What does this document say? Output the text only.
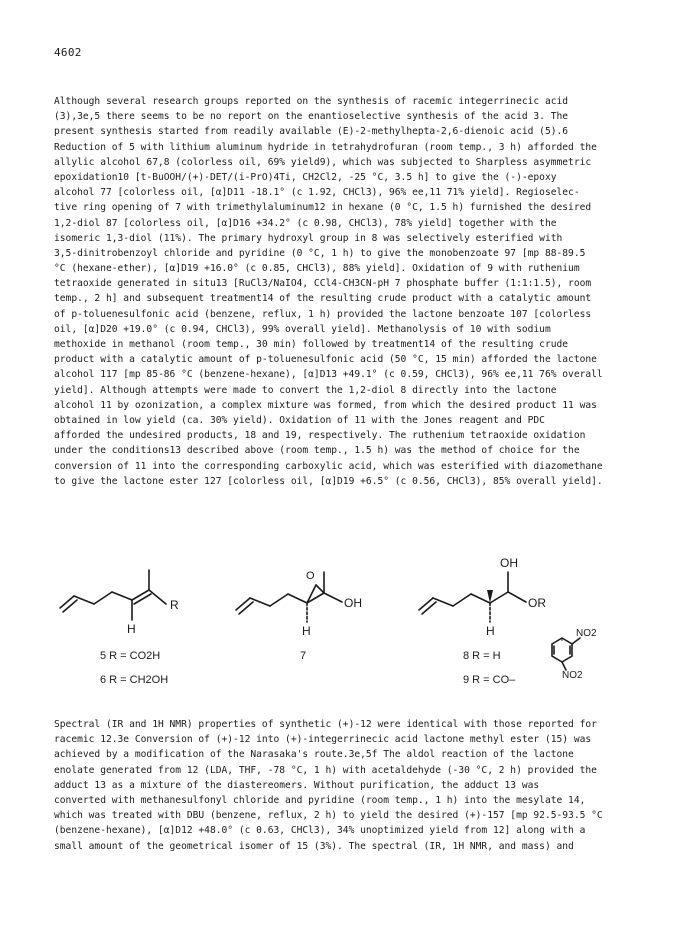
4602
Although several research groups reported on the synthesis of racemic integerrinecic acid
(3),3e,5 there seems to be no report on the enantioselective synthesis of the acid 3. The
present synthesis started from readily available (E)-2-methylhepta-2,6-dienoic acid (5).6
Reduction of 5 with lithium aluminum hydride in tetrahydrofuran (room temp., 3 h) afforded the
allylic alcohol 67,8 (colorless oil, 69% yield9), which was subjected to Sharpless asymmetric
epoxidation10 [t-BuOOH/(+)-DET/(i-PrO)4Ti, CH2Cl2, -25 °C, 3.5 h] to give the (-)-epoxy
alcohol 77 [colorless oil, [α]D11 -18.1° (c 1.92, CHCl3), 96% ee,11 71% yield]. Regioselec-
tive ring opening of 7 with trimethylaluminum12 in hexane (0 °C, 1.5 h) furnished the desired
1,2-diol 87 [colorless oil, [α]D16 +34.2° (c 0.98, CHCl3), 78% yield] together with the
isomeric 1,3-diol (11%). The primary hydroxyl group in 8 was selectively esterified with
3,5-dinitrobenzoyl chloride and pyridine (0 °C, 1 h) to give the monobenzoate 97 [mp 88-89.5
°C (hexane-ether), [α]D19 +16.0° (c 0.85, CHCl3), 88% yield]. Oxidation of 9 with ruthenium
tetraoxide generated in situ13 [RuCl3/NaIO4, CCl4-CH3CN-pH 7 phosphate buffer (1:1:1.5), room
temp., 2 h] and subsequent treatment14 of the resulting crude product with a catalytic amount
of p-toluenesulfonic acid (benzene, reflux, 1 h) provided the lactone benzoate 107 [colorless
oil, [α]D20 +19.0° (c 0.94, CHCl3), 99% overall yield]. Methanolysis of 10 with sodium
methoxide in methanol (room temp., 30 min) followed by treatment14 of the resulting crude
product with a catalytic amount of p-toluenesulfonic acid (50 °C, 15 min) afforded the lactone
alcohol 117 [mp 85-86 °C (benzene-hexane), [α]D13 +49.1° (c 0.59, CHCl3), 96% ee,11 76% overall
yield]. Although attempts were made to convert the 1,2-diol 8 directly into the lactone
alcohol 11 by ozonization, a complex mixture was formed, from which the desired product 11 was
obtained in low yield (ca. 30% yield). Oxidation of 11 with the Jones reagent and PDC
afforded the undesired products, 18 and 19, respectively. The ruthenium tetraoxide oxidation
under the conditions13 described above (room temp., 1.5 h) was the method of choice for the
conversion of 11 into the corresponding carboxylic acid, which was esterified with diazomethane
to give the lactone ester 127 [colorless oil, [α]D19 +6.5° (c 0.56, CHCl3), 85% overall yield].
R
H
5 R = CO2H
6 R = CH2OH
O
OH
H
7
OH
OR
H
8 R = H
9 R = CO–
NO2
NO2
Spectral (IR and 1H NMR) properties of synthetic (+)-12 were identical with those reported for
racemic 12.3e Conversion of (+)-12 into (+)-integerrinecic acid lactone methyl ester (15) was
achieved by a modification of the Narasaka's route.3e,5f The aldol reaction of the lactone
enolate generated from 12 (LDA, THF, -78 °C, 1 h) with acetaldehyde (-30 °C, 2 h) provided the
adduct 13 as a mixture of the diastereomers. Without purification, the adduct 13 was
converted with methanesulfonyl chloride and pyridine (room temp., 1 h) into the mesylate 14,
which was treated with DBU (benzene, reflux, 2 h) to yield the desired (+)-157 [mp 92.5-93.5 °C
(benzene-hexane), [α]D12 +48.0° (c 0.63, CHCl3), 34% unoptimized yield from 12] along with a
small amount of the geometrical isomer of 15 (3%). The spectral (IR, 1H NMR, and mass) and
